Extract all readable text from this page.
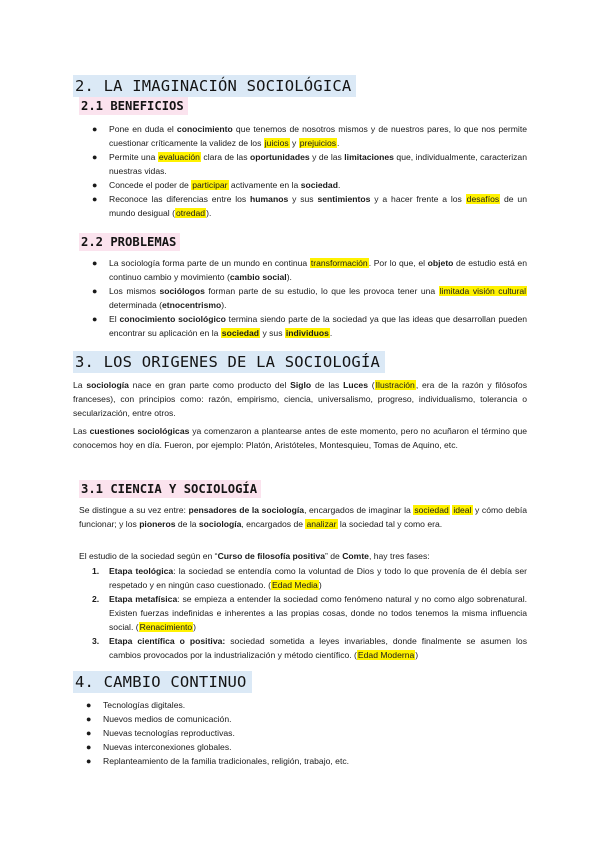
2. LA IMAGINACIÓN SOCIOLÓGICA
2.1 BENEFICIOS
● Pone en duda el conocimiento que tenemos de nosotros mismos y de nuestros pares, lo que nos permite cuestionar críticamente la validez de los juicios y prejuicios.
● Permite una evaluación clara de las oportunidades y de las limitaciones que, individualmente, caracterizan nuestras vidas.
● Concede el poder de participar activamente en la sociedad.
● Reconoce las diferencias entre los humanos y sus sentimientos y a hacer frente a los desafíos de un mundo desigual (otredad).
2.2 PROBLEMAS
● La sociología forma parte de un mundo en continua transformación. Por lo que, el objeto de estudio está en continuo cambio y movimiento (cambio social).
● Los mismos sociólogos forman parte de su estudio, lo que les provoca tener una limitada visión cultural determinada (etnocentrismo).
● El conocimiento sociológico termina siendo parte de la sociedad ya que las ideas que desarrollan pueden encontrar su aplicación en la sociedad y sus individuos.
3. LOS ORIGENES DE LA SOCIOLOGÍA
La sociología nace en gran parte como producto del Siglo de las Luces (Ilustración, era de la razón y filósofos franceses), con principios como: razón, empirismo, ciencia, universalismo, progreso, individualismo, tolerancia o secularización, entre otros.
Las cuestiones sociológicas ya comenzaron a plantearse antes de este momento, pero no acuñaron el término que conocemos hoy en día. Fueron, por ejemplo: Platón, Aristóteles, Montesquieu, Tomas de Aquino, etc.
3.1 CIENCIA Y SOCIOLOGÍA
Se distingue a su vez entre: pensadores de la sociología, encargados de imaginar la sociedad ideal y cómo debía funcionar; y los pioneros de la sociología, encargados de analizar la sociedad tal y como era.
El estudio de la sociedad según en “Curso de filosofía positiva” de Comte, hay tres fases:
1. Etapa teológica: la sociedad se entendía como la voluntad de Dios y todo lo que provenía de él debía ser respetado y en ningún caso cuestionado. (Edad Media)
2. Etapa metafísica: se empieza a entender la sociedad como fenómeno natural y no como algo sobrenatural. Existen fuerzas indefinidas e inherentes a las propias cosas, donde no todos tenemos la misma influencia social. (Renacimiento)
3. Etapa científica o positiva: sociedad sometida a leyes invariables, donde finalmente se asumen los cambios provocados por la industrialización y método científico. (Edad Moderna)
4. CAMBIO CONTINUO
● Tecnologías digitales.
● Nuevos medios de comunicación.
● Nuevas tecnologías reproductivas.
● Nuevas interconexiones globales.
● Replanteamiento de la familia tradicionales, religión, trabajo, etc.
